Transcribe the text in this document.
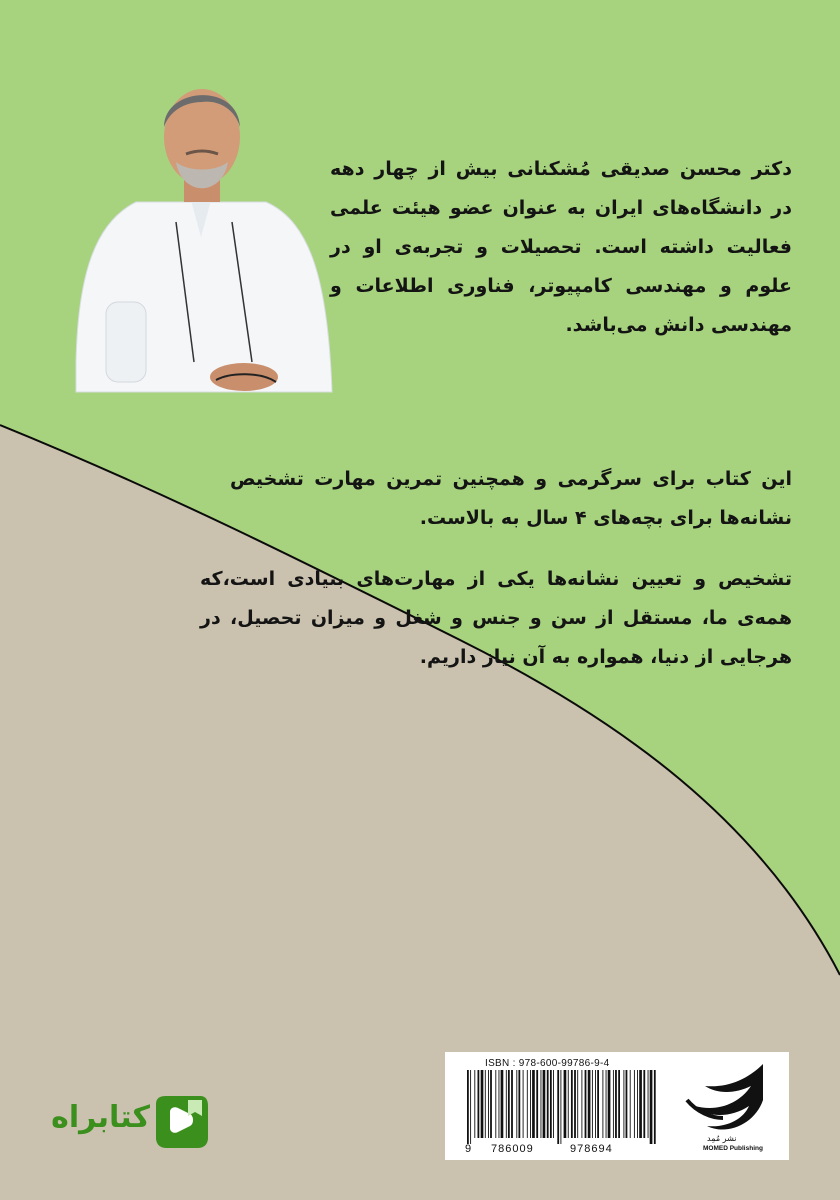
دکتر محسن صدیقی مُشکنانی بیش از چهار دهه در دانشگاه‌های ایران به عنوان عضو هیئت علمی فعالیت داشته است. تحصیلات و تجربه‌ی او در علوم و مهندسی کامپیوتر، فناوری اطلاعات و مهندسی دانش می‌باشد.
این کتاب برای سرگرمی و همچنین تمرین مهارت تشخیص نشانه‌ها برای بچه‌های ۴ سال به بالاست.
تشخیص و تعیین نشانه‌ها یکی از مهارت‌های بنیادی است،که همه‌ی ما، مستقل از سن و جنس و شغل و میزان تحصیل، در هرجایی از دنیا، همواره به آن نیاز داریم.
ISBN : 978-600-99786-9-4
9 786009	978694
نشر مُمِد
MOMED Publishing
کتابراه
